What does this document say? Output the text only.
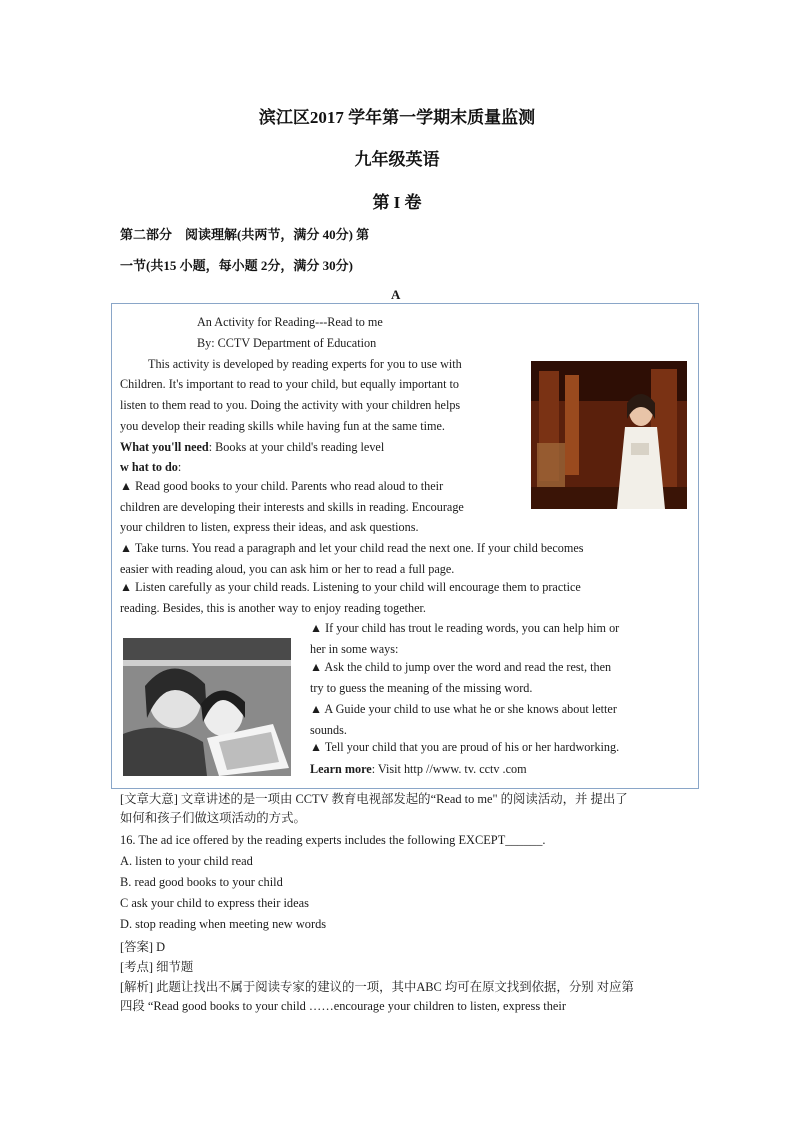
滨江区2017 学年第一学期末质量监测
九年级英语
第 I 卷
第二部分　阅读理解(共两节，满分 40分) 第
一节(共15 小题，每小题 2分，满分 30分)
A
An Activity for Reading---Read to me
By: CCTV Department of Education
This activity is developed by reading experts for you to use with
Children. It's important to read to your child, but equally important to
listen to them read to you. Doing the activity with your children helps
you develop their reading skills while having fun at the same time.
What you'll need: Books at your child's reading level
w hat to do:
▲ Read good books to your child. Parents who read aloud to their
children are developing their interests and skills in reading. Encourage
your children to listen, express their ideas, and ask questions.
▲ Take turns. You read a paragraph and let your child read the next one. If your child becomes
easier with reading aloud, you can ask him or her to read a full page.
▲ Listen carefully as your child reads. Listening to your child will encourage them to practice
reading. Besides, this is another way to enjoy reading together.
▲ If your child has trout le reading words, you can help him or
her in some ways:
▲ Ask the child to jump over the word and read the rest, then
try to guess the meaning of the missing word.
▲ A Guide your child to use what he or she knows about letter
sounds.
▲ Tell your child that you are proud of his or her hardworking.
Learn more: Visit http //www. tv. cctv .com
[文章大意] 文章讲述的是一项由 CCTV 教育电视部发起的“Read to me" 的阅读活动，并 提出了
如何和孩子们做这项活动的方式。
16. The ad ice offered by the reading experts includes the following EXCEPT______.
A. listen to your child read
B. read good books to your child
C ask your child to express their ideas
D. stop reading when meeting new words
[答案] D
[考点] 细节题
[解析] 此题让找出不属于阅读专家的建议的一项，其中ABC 均可在原文找到依据，分别 对应第
四段 “Read good books to your child ……encourage your children to listen, express their
